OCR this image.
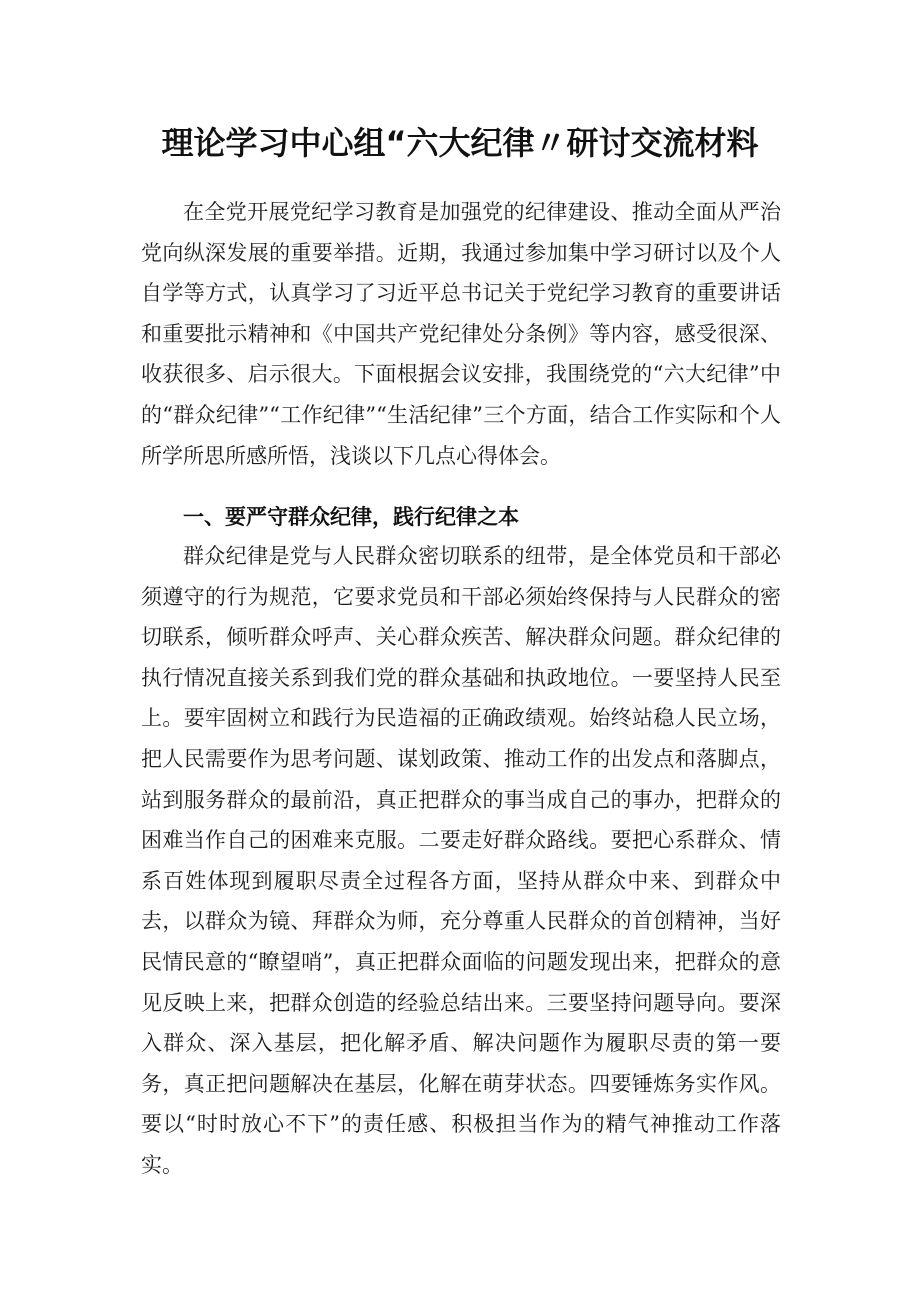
理论学习中心组“六大纪律〃研讨交流材料

在全党开展党纪学习教育是加强党的纪律建设、推动全面从严治党向纵深发展的重要举措。近期，我通过参加集中学习研讨以及个人自学等方式，认真学习了习近平总书记关于党纪学习教育的重要讲话和重要批示精神和《中国共产党纪律处分条例》等内容，感受很深、收获很多、启示很大。下面根据会议安排，我围绕党的“六大纪律”中的“群众纪律”“工作纪律”“生活纪律”三个方面，结合工作实际和个人所学所思所感所悟，浅谈以下几点心得体会。

一、要严守群众纪律，践行纪律之本

群众纪律是党与人民群众密切联系的纽带，是全体党员和干部必须遵守的行为规范，它要求党员和干部必须始终保持与人民群众的密切联系，倾听群众呼声、关心群众疾苦、解决群众问题。群众纪律的执行情况直接关系到我们党的群众基础和执政地位。一要坚持人民至上。要牢固树立和践行为民造福的正确政绩观。始终站稳人民立场，把人民需要作为思考问题、谋划政策、推动工作的出发点和落脚点，站到服务群众的最前沿，真正把群众的事当成自己的事办，把群众的困难当作自己的困难来克服。二要走好群众路线。要把心系群众、情系百姓体现到履职尽责全过程各方面，坚持从群众中来、到群众中去，以群众为镜、拜群众为师，充分尊重人民群众的首创精神，当好民情民意的“瞭望哨”，真正把群众面临的问题发现出来，把群众的意见反映上来，把群众创造的经验总结出来。三要坚持问题导向。要深入群众、深入基层，把化解矛盾、解决问题作为履职尽责的第一要务，真正把问题解决在基层，化解在萌芽状态。四要锤炼务实作风。要以“时时放心不下”的责任感、积极担当作为的精气神推动工作落实。
